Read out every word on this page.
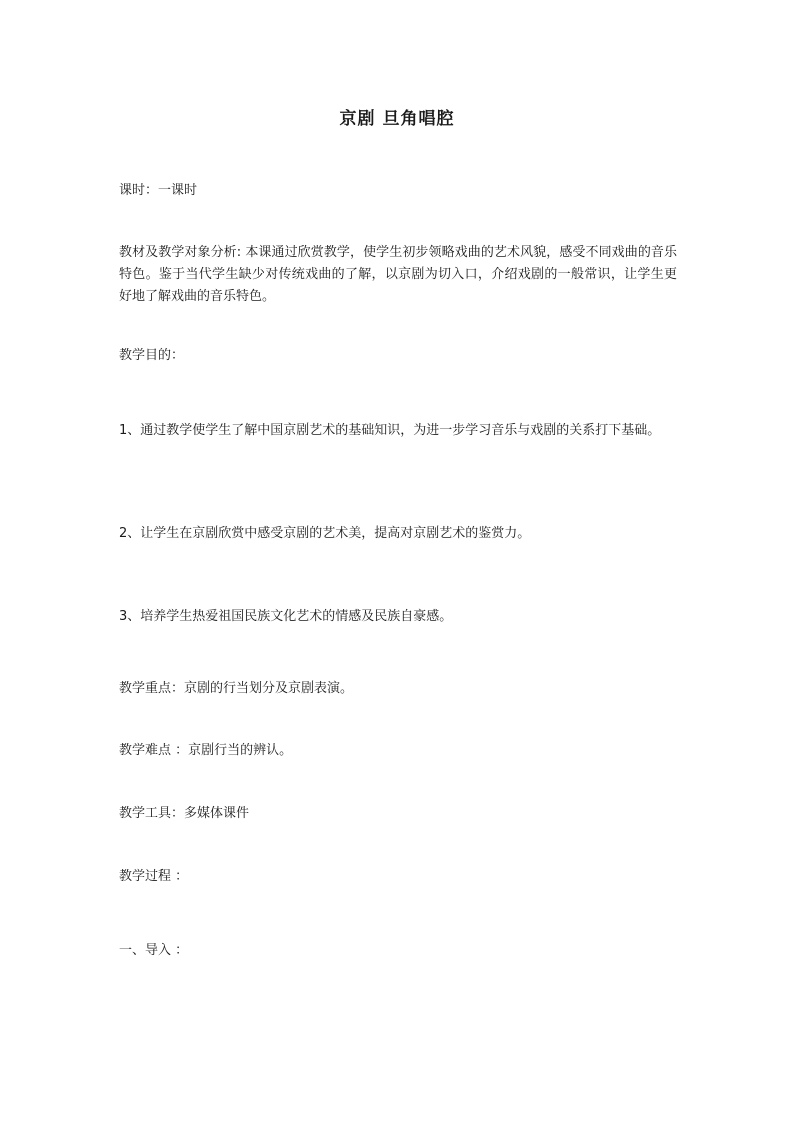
京剧 旦角唱腔
课时：一课时
教材及教学对象分析: 本课通过欣赏教学，使学生初步领略戏曲的艺术风貌，感受不同戏曲的音乐特色。鉴于当代学生缺少对传统戏曲的了解，以京剧为切入口，介绍戏剧的一般常识，让学生更好地了解戏曲的音乐特色。
教学目的：
1、通过教学使学生了解中国京剧艺术的基础知识，为进一步学习音乐与戏剧的关系打下基础。
2、让学生在京剧欣赏中感受京剧的艺术美，提高对京剧艺术的鉴赏力。
3、培养学生热爱祖国民族文化艺术的情感及民族自豪感。
教学重点：京剧的行当划分及京剧表演。
教学难点 ：京剧行当的辨认。
教学工具：多媒体课件
教学过程 ：
一、导入 ：
